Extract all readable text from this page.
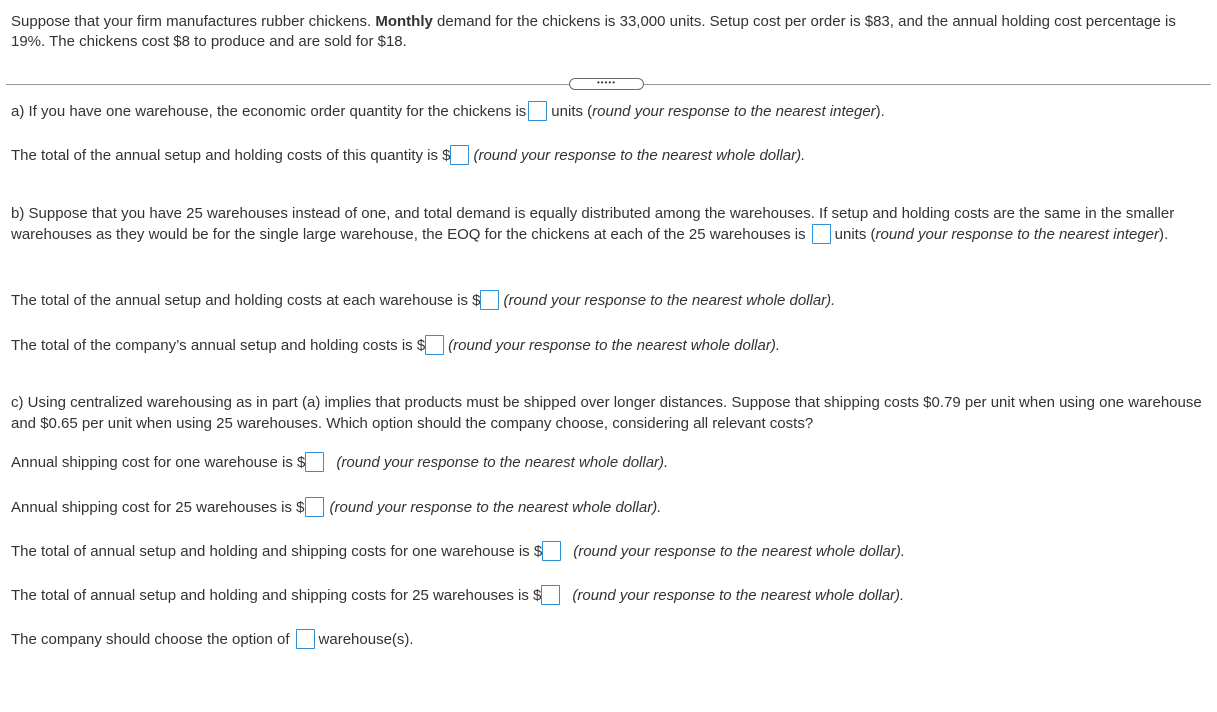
Suppose that your firm manufactures rubber chickens. Monthly demand for the chickens is 33,000 units. Setup cost per order is $83, and the annual holding cost percentage is 19%. The chickens cost $8 to produce and are sold for $18.
•••••
a) If you have one warehouse, the economic order quantity for the chickens is units (round your response to the nearest integer).
The total of the annual setup and holding costs of this quantity is $ (round your response to the nearest whole dollar).
b) Suppose that you have 25 warehouses instead of one, and total demand is equally distributed among the warehouses. If setup and holding costs are the same in the smaller warehouses as they would be for the single large warehouse, the EOQ for the chickens at each of the 25 warehouses is units (round your response to the nearest integer).
The total of the annual setup and holding costs at each warehouse is $ (round your response to the nearest whole dollar).
The total of the company’s annual setup and holding costs is $ (round your response to the nearest whole dollar).
c) Using centralized warehousing as in part (a) implies that products must be shipped over longer distances. Suppose that shipping costs $0.79 per unit when using one warehouse and $0.65 per unit when using 25 warehouses. Which option should the company choose, considering all relevant costs?
Annual shipping cost for one warehouse is $ (round your response to the nearest whole dollar).
Annual shipping cost for 25 warehouses is $ (round your response to the nearest whole dollar).
The total of annual setup and holding and shipping costs for one warehouse is $ (round your response to the nearest whole dollar).
The total of annual setup and holding and shipping costs for 25 warehouses is $ (round your response to the nearest whole dollar).
The company should choose the option of warehouse(s).
